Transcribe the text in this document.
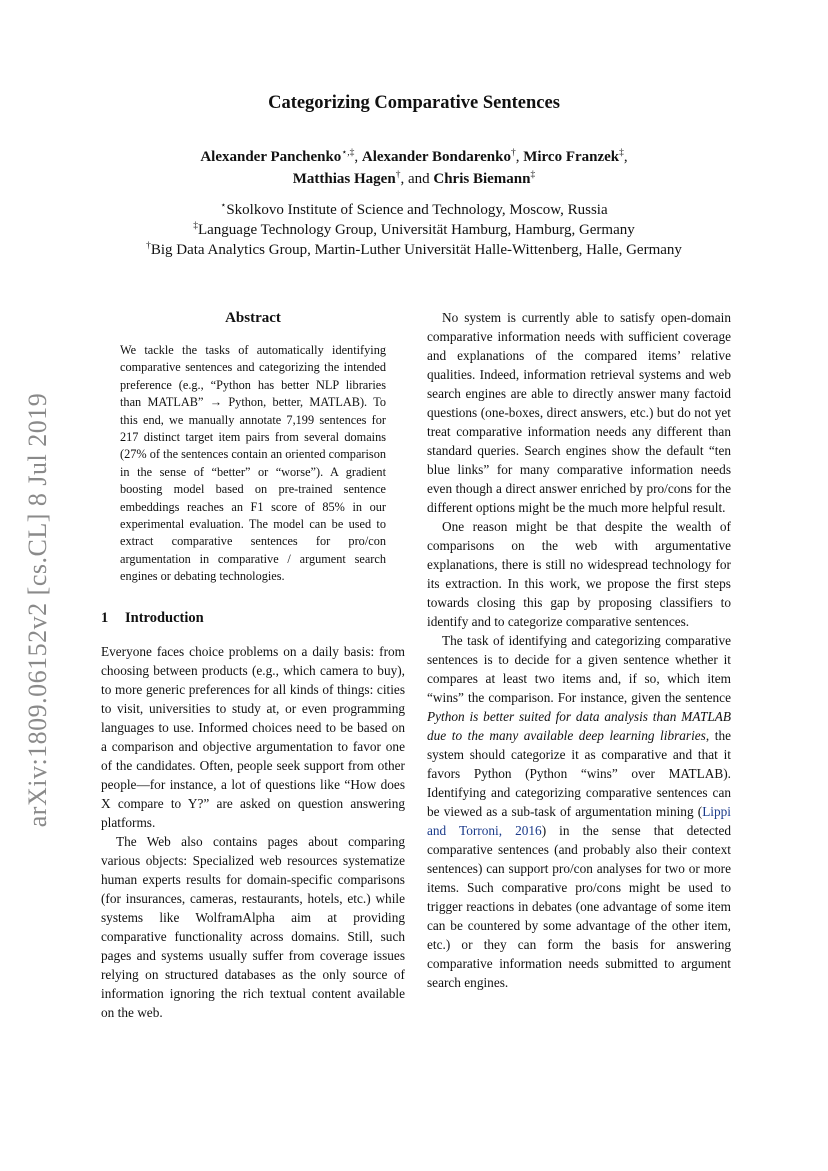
arXiv:1809.06152v2 [cs.CL] 8 Jul 2019
Categorizing Comparative Sentences
Alexander Panchenko⋆,‡, Alexander Bondarenko†, Mirco Franzek‡,
Matthias Hagen†, and Chris Biemann‡
⋆Skolkovo Institute of Science and Technology, Moscow, Russia
‡Language Technology Group, Universität Hamburg, Hamburg, Germany
†Big Data Analytics Group, Martin-Luther Universität Halle-Wittenberg, Halle, Germany
Abstract
We tackle the tasks of automatically identifying comparative sentences and categorizing the intended preference (e.g., “Python has better NLP libraries than MATLAB” → Python, better, MATLAB). To this end, we manually annotate 7,199 sentences for 217 distinct target item pairs from several domains (27% of the sentences contain an oriented comparison in the sense of “better” or “worse”). A gradient boosting model based on pre-trained sentence embeddings reaches an F1 score of 85% in our experimental evaluation. The model can be used to extract comparative sentences for pro/con argumentation in comparative / argument search engines or debating technologies.
1 Introduction

Everyone faces choice problems on a daily basis: from choosing between products (e.g., which camera to buy), to more generic preferences for all kinds of things: cities to visit, universities to study at, or even programming languages to use. Informed choices need to be based on a comparison and objective argumentation to favor one of the candidates. Often, people seek support from other people—for instance, a lot of questions like “How does X compare to Y?” are asked on question answering platforms.

The Web also contains pages about comparing various objects: Specialized web resources systematize human experts results for domain-specific comparisons (for insurances, cameras, restaurants, hotels, etc.) while systems like WolframAlpha aim at providing comparative functionality across domains. Still, such pages and systems usually suffer from coverage issues relying on structured databases as the only source of information ignoring the rich textual content available on the web.

No system is currently able to satisfy open-domain comparative information needs with sufficient coverage and explanations of the compared items’ relative qualities. Indeed, information retrieval systems and web search engines are able to directly answer many factoid questions (one-boxes, direct answers, etc.) but do not yet treat comparative information needs any different than standard queries. Search engines show the default “ten blue links” for many comparative information needs even though a direct answer enriched by pro/cons for the different options might be the much more helpful result.

One reason might be that despite the wealth of comparisons on the web with argumentative explanations, there is still no widespread technology for its extraction. In this work, we propose the first steps towards closing this gap by proposing classifiers to identify and to categorize comparative sentences.

The task of identifying and categorizing comparative sentences is to decide for a given sentence whether it compares at least two items and, if so, which item “wins” the comparison. For instance, given the sentence Python is better suited for data analysis than MATLAB due to the many available deep learning libraries, the system should categorize it as comparative and that it favors Python (Python “wins” over MATLAB). Identifying and categorizing comparative sentences can be viewed as a sub-task of argumentation mining (Lippi and Torroni, 2016) in the sense that detected comparative sentences (and probably also their context sentences) can support pro/con analyses for two or more items. Such comparative pro/cons might be used to trigger reactions in debates (one advantage of some item can be countered by some advantage of the other item, etc.) or they can form the basis for answering comparative information needs submitted to argument search engines.
